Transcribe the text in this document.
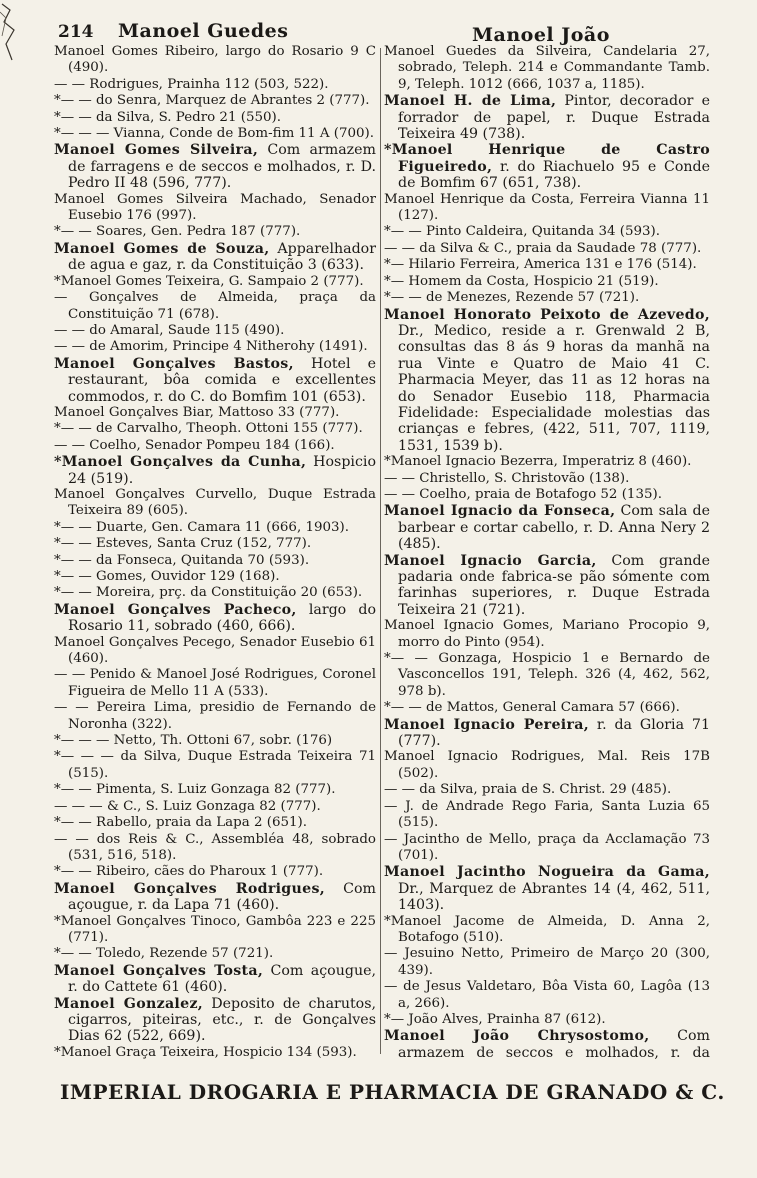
214 Manoel Guedes	Manoel João

Manoel Gomes Ribeiro, largo do Rosario 9 C (490).

— — Rodrigues, Prainha 112 (503, 522).

*— — do Senra, Marquez de Abrantes 2 (777).

*— — da Silva, S. Pedro 21 (550).

*— — — Vianna, Conde de Bom-fim 11 A (700).

Manoel Gomes Silveira, Com armazem de farragens e de seccos e molhados, r. D. Pedro II 48 (596, 777).

Manoel Gomes Silveira Machado, Senador Eusebio 176 (997).

*— — Soares, Gen. Pedra 187 (777).

Manoel Gomes de Souza, Apparelhador de agua e gaz, r. da Constituição 3 (633).

*Manoel Gomes Teixeira, G. Sampaio 2 (777).

— Gonçalves de Almeida, praça da Constituição 71 (678).

— — do Amaral, Saude 115 (490).

— — de Amorim, Principe 4 Nitherohy (1491).

Manoel Gonçalves Bastos, Hotel e restaurant, bôa comida e excellentes commodos, r. do C. do Bomfim 101 (653).

Manoel Gonçalves Biar, Mattoso 33 (777).

*— — de Carvalho, Theoph. Ottoni 155 (777).

— — Coelho, Senador Pompeu 184 (166).

*Manoel Gonçalves da Cunha, Hospicio 24 (519).

Manoel Gonçalves Curvello, Duque Estrada Teixeira 89 (605).

*— — Duarte, Gen. Camara 11 (666, 1903).

*— — Esteves, Santa Cruz (152, 777).

*— — da Fonseca, Quitanda 70 (593).

*— — Gomes, Ouvidor 129 (168).

*— — Moreira, prç. da Constituição 20 (653).

Manoel Gonçalves Pacheco, largo do Rosario 11, sobrado (460, 666).

Manoel Gonçalves Pecego, Senador Eusebio 61 (460).

— — Penido & Manoel José Rodrigues, Coronel Figueira de Mello 11 A (533).

— — Pereira Lima, presidio de Fernando de Noronha (322).

*— — — Netto, Th. Ottoni 67, sobr. (176)

*— — — da Silva, Duque Estrada Teixeira 71 (515).

*— — Pimenta, S. Luiz Gonzaga 82 (777).

— — — & C., S. Luiz Gonzaga 82 (777).

*— — Rabello, praia da Lapa 2 (651).

— — dos Reis & C., Assembléa 48, sobrado (531, 516, 518).

*— — Ribeiro, cães do Pharoux 1 (777).

Manoel Gonçalves Rodrigues, Com açougue, r. da Lapa 71 (460).

*Manoel Gonçalves Tinoco, Gambôa 223 e 225 (771).

*— — Toledo, Rezende 57 (721).

Manoel Gonçalves Tosta, Com açougue, r. do Cattete 61 (460).

Manoel Gonzalez, Deposito de charutos, cigarros, piteiras, etc., r. de Gonçalves Dias 62 (522, 669).

*Manoel Graça Teixeira, Hospicio 134 (593).

Manoel Guedes da Silveira, Candelaria 27, sobrado, Teleph. 214 e Commandante Tamb. 9, Teleph. 1012 (666, 1037 a, 1185).

Manoel H. de Lima, Pintor, decorador e forrador de papel, r. Duque Estrada Teixeira 49 (738).

*Manoel Henrique de Castro Figueiredo, r. do Riachuelo 95 e Conde de Bomfim 67 (651, 738).

Manoel Henrique da Costa, Ferreira Vianna 11 (127).

*— — Pinto Caldeira, Quitanda 34 (593).

— — da Silva & C., praia da Saudade 78 (777).

*— Hilario Ferreira, America 131 e 176 (514).

*— Homem da Costa, Hospicio 21 (519).

*— — de Menezes, Rezende 57 (721).

Manoel Honorato Peixoto de Azevedo, Dr., Medico, reside a r. Grenwald 2 B, consultas das 8 ás 9 horas da manhã na rua Vinte e Quatro de Maio 41 C. Pharmacia Meyer, das 11 as 12 horas na do Senador Eusebio 118, Pharmacia Fidelidade: Especialidade molestias das crianças e febres, (422, 511, 707, 1119, 1531, 1539 b).

*Manoel Ignacio Bezerra, Imperatriz 8 (460).

— — Christello, S. Christovão (138).

— — Coelho, praia de Botafogo 52 (135).

Manoel Ignacio da Fonseca, Com sala de barbear e cortar cabello, r. D. Anna Nery 2 (485).

Manoel Ignacio Garcia, Com grande padaria onde fabrica-se pão sómente com farinhas superiores, r. Duque Estrada Teixeira 21 (721).

Manoel Ignacio Gomes, Mariano Procopio 9, morro do Pinto (954).

*— — Gonzaga, Hospicio 1 e Bernardo de Vasconcellos 191, Teleph. 326 (4, 462, 562, 978 b).

*— — de Mattos, General Camara 57 (666).

Manoel Ignacio Pereira, r. da Gloria 71 (777).

Manoel Ignacio Rodrigues, Mal. Reis 17B (502).

— — da Silva, praia de S. Christ. 29 (485).

— J. de Andrade Rego Faria, Santa Luzia 65 (515).

— Jacintho de Mello, praça da Acclamação 73 (701).

Manoel Jacintho Nogueira da Gama, Dr., Marquez de Abrantes 14 (4, 462, 511, 1403).

*Manoel Jacome de Almeida, D. Anna 2, Botafogo (510).

— Jesuino Netto, Primeiro de Março 20 (300, 439).

— de Jesus Valdetaro, Bôa Vista 60, Lagôa (13 a, 266).

*— João Alves, Prainha 87 (612).

Manoel João Chrysostomo, Com armazem de seccos e molhados, r. da

IMPERIAL DROGARIA E PHARMACIA DE GRANADO & C.
